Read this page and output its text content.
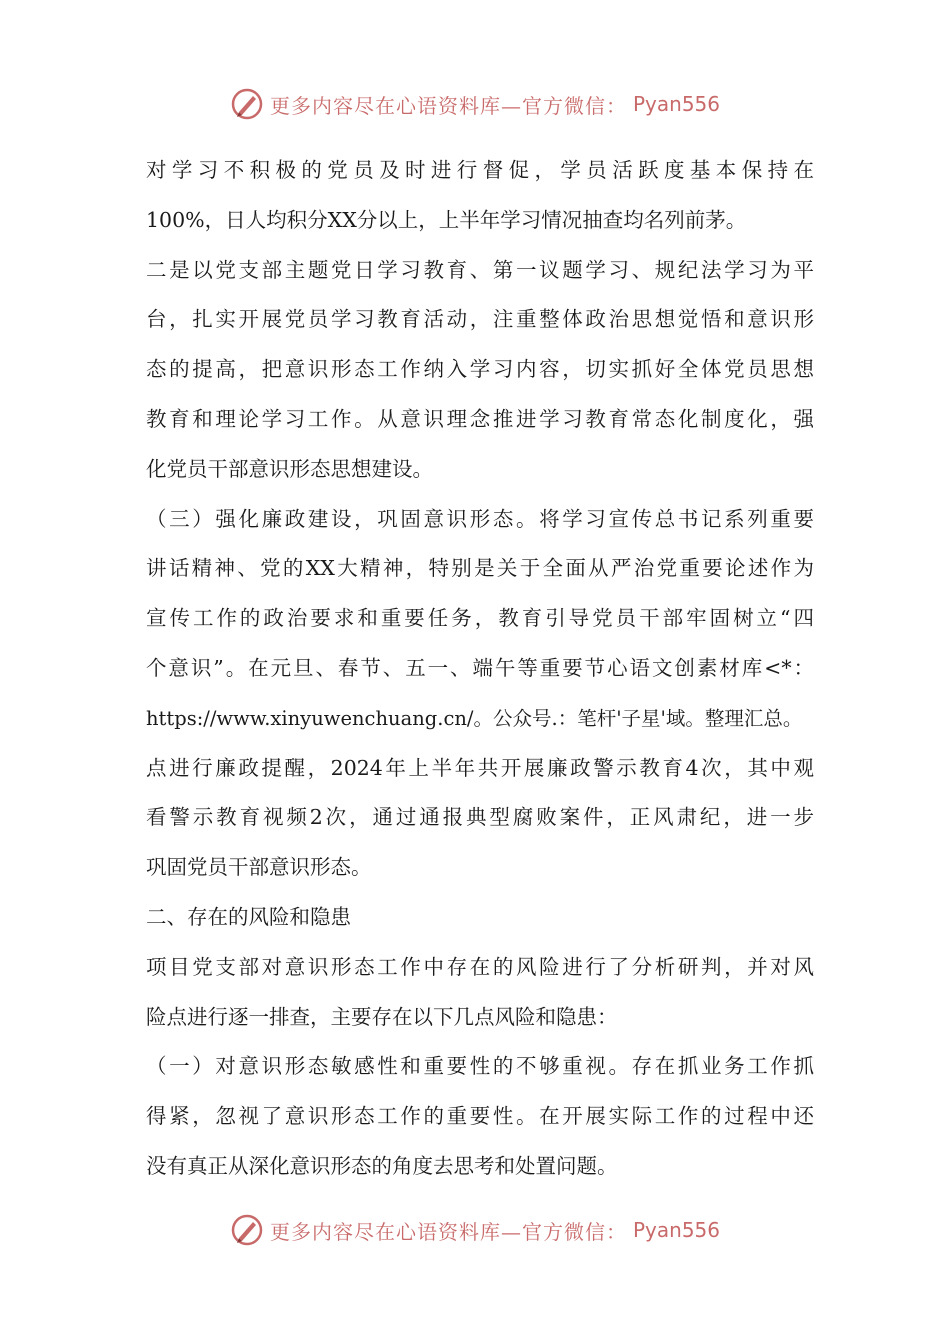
更多内容尽在心语资料库—官方微信： Pyan556
对学习不积极的党员及时进行督促，学员活跃度基本保持在
100%，日人均积分XX分以上，上半年学习情况抽查均名列前茅。
二是以党支部主题党日学习教育、第一议题学习、规纪法学习为平
台，扎实开展党员学习教育活动，注重整体政治思想觉悟和意识形
态的提高，把意识形态工作纳入学习内容，切实抓好全体党员思想
教育和理论学习工作。从意识理念推进学习教育常态化制度化，强
化党员干部意识形态思想建设。
（三）强化廉政建设，巩固意识形态。将学习宣传总书记系列重要
讲话精神、党的XX大精神，特别是关于全面从严治党重要论述作为
宣传工作的政治要求和重要任务，教育引导党员干部牢固树立“四
个意识”。在元旦、春节、五一、端午等重要节心语文创素材库<*：
https://www.xinyuwenchuang.cn/。公众号.：笔杆'子星'域。整理汇总。
点进行廉政提醒，2024年上半年共开展廉政警示教育4次，其中观
看警示教育视频2次，通过通报典型腐败案件，正风肃纪，进一步
巩固党员干部意识形态。
二、存在的风险和隐患
项目党支部对意识形态工作中存在的风险进行了分析研判，并对风
险点进行逐一排查，主要存在以下几点风险和隐患：
（一）对意识形态敏感性和重要性的不够重视。存在抓业务工作抓
得紧，忽视了意识形态工作的重要性。在开展实际工作的过程中还
没有真正从深化意识形态的角度去思考和处置问题。
更多内容尽在心语资料库—官方微信： Pyan556
